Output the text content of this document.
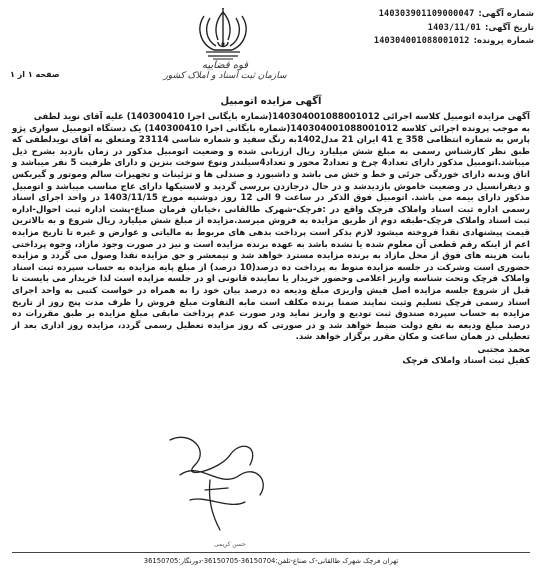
قوه قضاییه
سازمان ثبت اسناد و املاک کشور
شماره آگهی:
140303901109000047
تاریخ آگهی:
1403/11/01
شماره پرونده:
140304001088001012
صفحه ۱ از ۱
آگهی مزایده اتومبیل

آگهی مزایده اتومبیل کلاسه اجرائی 140304001088001012(شماره بایگانی اجرا 140300410) علیه آقای نوید لطفی

به موجب پرونده اجرائی کلاسه 140304001088001012(شماره بایگانی اجرا 140300410) یک دستگاه اتومبیل سواری پژو پارس به شماره انتظامی 358 ج 41 ایران 21 مدل1402به رنگ سفید و شماره شاسی 23114 ومتعلق به آقای نویدلطفی که طبق نظر کارشناس رسمی به مبلغ شش میلیارد ریال ارزیابی شده و وضعیت اتومبیل مذکور در زمان بازدید بشرح ذیل میباشد.اتومبیل مذکور دارای تعداد4 چرخ و تعداد2 محور و تعداد4سیلندر ونوع سوخت بنزین و دارای ظرفیت 5 نفر میباشد و اتاق وبدنه دارای خوردگی جزئی و خط و خش می باشد و داشبورد و صندلی ها و تزئینات و تجهیزات سالم وموتور و گیربکس و دیفرانسیل در وضعیت خاموش بازدیدشد و در حال درجازدن بررسی گردید و لاستیکها دارای عاج مناسب میباشد و اتومبیل مذکور دارای بیمه می باشد. اتومبیل فوق الذکر در ساعت 9 الی 12 روز دوشنبه مورخ 1403/11/15 در واحد اجرای اسناد رسمی اداره ثبت اسناد واملاک فرچک واقع در :فرچک-شهرک طالقانی ،خیابان فرمان صناع-پشت اداره ثبت احوال-اداره ثبت اسناد واملاک فرچک-طبقه دوم از طریق مزایده به فروش میرسد.مزایده از مبلغ شش میلیارد ریال شروع و به بالاترین قیمت پیشنهادی نقدا فروخته میشود لازم بذکر است پرداخت بدهی های مربوط به مالیاتی و عوارض و غیره تا تاریخ مزایده اعم از اینکه رقم قطعی آن معلوم شده یا نشده باشد به عهده برنده مزایده است و نیز در صورت وجود مازاد، وجوه پرداختی بابت هزینه های فوق از محل مازاد به برنده مزایده مسترد خواهد شد و نیمعشر و حق مزایده نقدا وصول می گردد و مزایده حضوری است وشرکت در جلسه مزایده منوط به پرداخت ده درصد(10 درصد) از مبلغ پایه مزایده به حساب سپرده ثبت اسناد واملاک فرچک وتحت شناسه واریز اعلامی وحضور خریدار یا نماینده قانونی او در جلسه مزایده است لذا خریدار می بایست تا قبل از شروع جلسه مزایده اصل فیش واریزی مبلغ ودیعه ده درصد بیان خود را به همراه در خواست کتبی به واحد اجرای اسناد رسمی فرچک تسلیم وثبت نمایند ضمنا برنده مکلف است مابه التفاوت مبلغ فروش را ظرف مدت پنج روز از تاریخ مزایده به حساب سپرده صندوق ثبت تودیع و واریز نماید ودر صورت عدم پرداخت مابقی مبلغ مزایده بر طبق مقررات ده درصد مبلغ ودیعه به نفع دولت ضبط خواهد شد و در صورتی که روز مزایده تعطیل رسمی گردد، مزایده روز اداری بعد از تعطیلی در همان ساعت و مکان مقرر برگزار خواهد شد.

محمد مجتبی
کفیل ثبت اسناد واملاک فرچک
حسن کریمی
تهران فرچک شهرک طالقانی-ک صناع-تلفن:36150704-36150705-دورنگار:36150705
